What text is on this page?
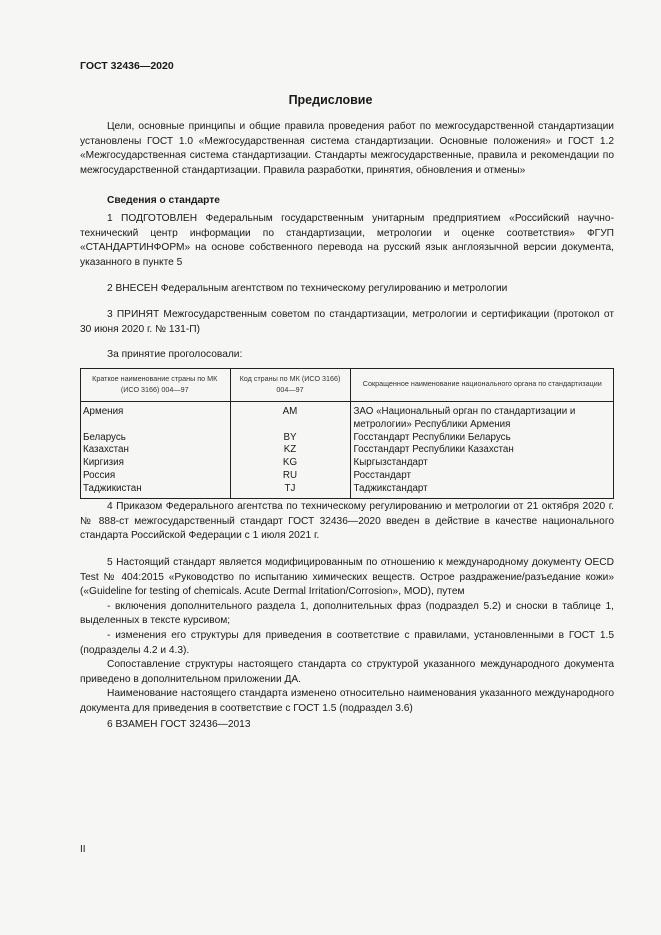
ГОСТ 32436—2020
Предисловие

Цели, основные принципы и общие правила проведения работ по межгосударственной стандартизации установлены ГОСТ 1.0 «Межгосударственная система стандартизации. Основные положения» и ГОСТ 1.2 «Межгосударственная система стандартизации. Стандарты межгосударственные, правила и рекомендации по межгосударственной стандартизации. Правила разработки, принятия, обновления и отмены»

Сведения о стандарте

1 ПОДГОТОВЛЕН Федеральным государственным унитарным предприятием «Российский научно-технический центр информации по стандартизации, метрологии и оценке соответствия» ФГУП «СТАНДАРТИНФОРМ» на основе собственного перевода на русский язык англоязычной версии документа, указанного в пункте 5

2 ВНЕСЕН Федеральным агентством по техническому регулированию и метрологии

3 ПРИНЯТ Межгосударственным советом по стандартизации, метрологии и сертификации (протокол от 30 июня 2020 г. № 131-П)

За принятие проголосовали:

Краткое наименование страны по МК (ИСО 3166) 004—97	Код страны по МК (ИСО 3166) 004—97	Сокращенное наименование национального органа по стандартизации
Армения	AM	ЗАО «Национальный орган по стандартизации и метрологии» Республики Армения
Беларусь	BY	Госстандарт Республики Беларусь
Казахстан	KZ	Госстандарт Республики Казахстан
Киргизия	KG	Кыргызстандарт
Россия	RU	Росстандарт
Таджикистан	TJ	Таджикстандарт

4 Приказом Федерального агентства по техническому регулированию и метрологии от 21 октября 2020 г. № 888-ст межгосударственный стандарт ГОСТ 32436—2020 введен в действие в качестве национального стандарта Российской Федерации с 1 июля 2021 г.

5 Настоящий стандарт является модифицированным по отношению к международному документу OECD Test № 404:2015 «Руководство по испытанию химических веществ. Острое раздражение/разъедание кожи» («Guideline for testing of chemicals. Acute Dermal Irritation/Corrosion», MOD), путем

- включения дополнительного раздела 1, дополнительных фраз (подраздел 5.2) и сноски в таблице 1, выделенных в тексте курсивом;

- изменения его структуры для приведения в соответствие с правилами, установленными в ГОСТ 1.5 (подразделы 4.2 и 4.3).

Сопоставление структуры настоящего стандарта со структурой указанного международного документа приведено в дополнительном приложении ДА.

Наименование настоящего стандарта изменено относительно наименования указанного международного документа для приведения в соответствие с ГОСТ 1.5 (подраздел 3.6)

6 ВЗАМЕН ГОСТ 32436—2013

II
